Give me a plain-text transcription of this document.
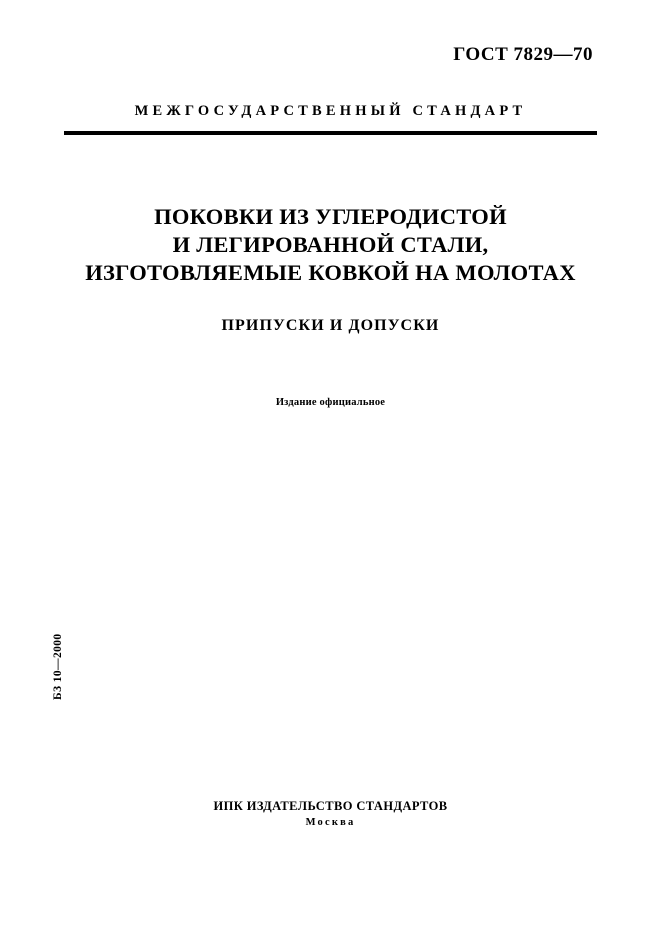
ГОСТ 7829—70
МЕЖГОСУДАРСТВЕННЫЙ СТАНДАРТ
ПОКОВКИ ИЗ УГЛЕРОДИСТОЙ
И ЛЕГИРОВАННОЙ СТАЛИ,
ИЗГОТОВЛЯЕМЫЕ КОВКОЙ НА МОЛОТАХ
ПРИПУСКИ И ДОПУСКИ
Издание официальное
БЗ 10—2000
ИПК ИЗДАТЕЛЬСТВО СТАНДАРТОВ
Москва
